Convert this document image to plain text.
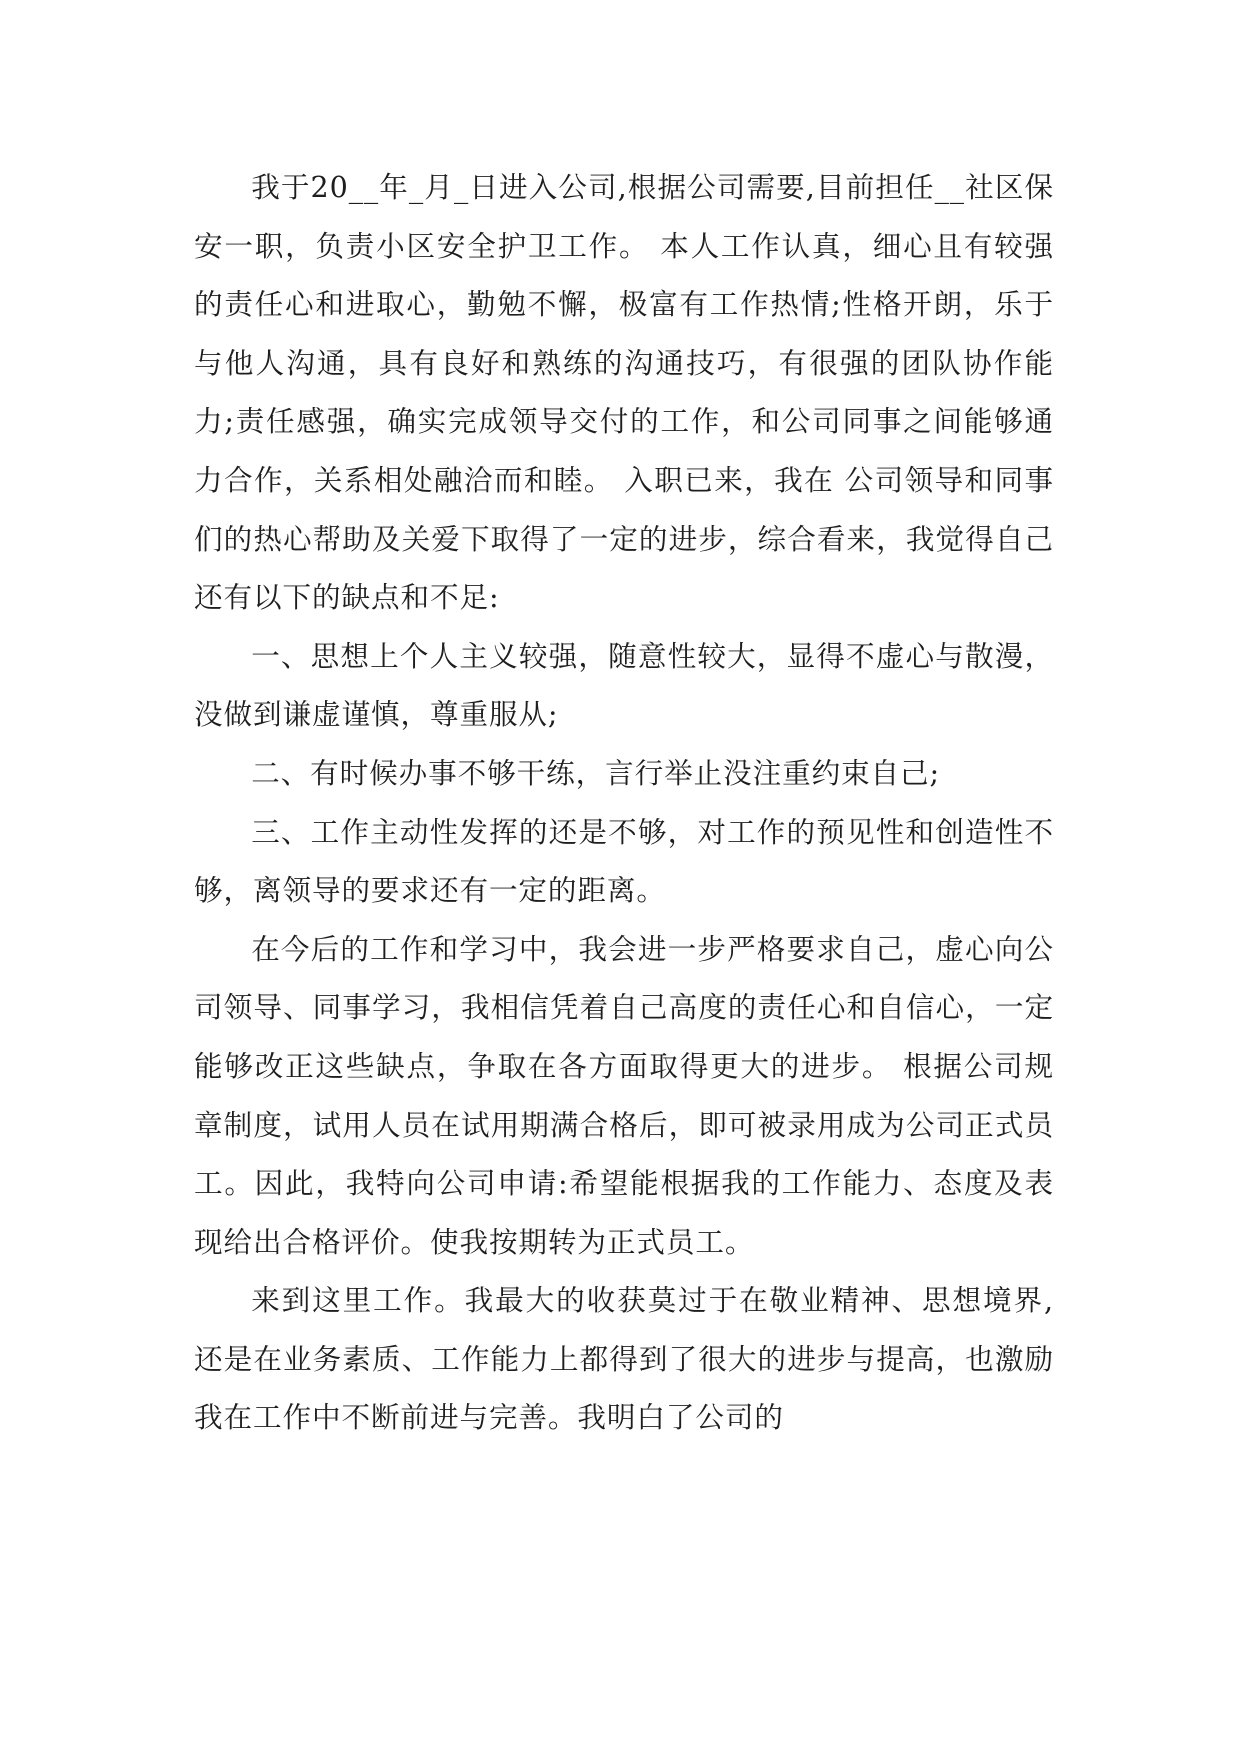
我于20__年_月_日进入公司,根据公司需要,目前担任__社区保安一职，负责小区安全护卫工作。 本人工作认真，细心且有较强的责任心和进取心，勤勉不懈，极富有工作热情;性格开朗，乐于与他人沟通，具有良好和熟练的沟通技巧，有很强的团队协作能力;责任感强，确实完成领导交付的工作，和公司同事之间能够通力合作，关系相处融洽而和睦。 入职已来，我在 公司领导和同事们的热心帮助及关爱下取得了一定的进步，综合看来，我觉得自己还有以下的缺点和不足:

一、思想上个人主义较强，随意性较大，显得不虚心与散漫，没做到谦虚谨慎，尊重服从;

二、有时候办事不够干练，言行举止没注重约束自己;

三、工作主动性发挥的还是不够，对工作的预见性和创造性不够，离领导的要求还有一定的距离。

在今后的工作和学习中，我会进一步严格要求自己，虚心向公司领导、同事学习，我相信凭着自己高度的责任心和自信心，一定能够改正这些缺点，争取在各方面取得更大的进步。 根据公司规章制度，试用人员在试用期满合格后，即可被录用成为公司正式员工。因此，我特向公司申请:希望能根据我的工作能力、态度及表现给出合格评价。使我按期转为正式员工。

来到这里工作。我最大的收获莫过于在敬业精神、思想境界,还是在业务素质、工作能力上都得到了很大的进步与提高，也激励我在工作中不断前进与完善。我明白了公司的
